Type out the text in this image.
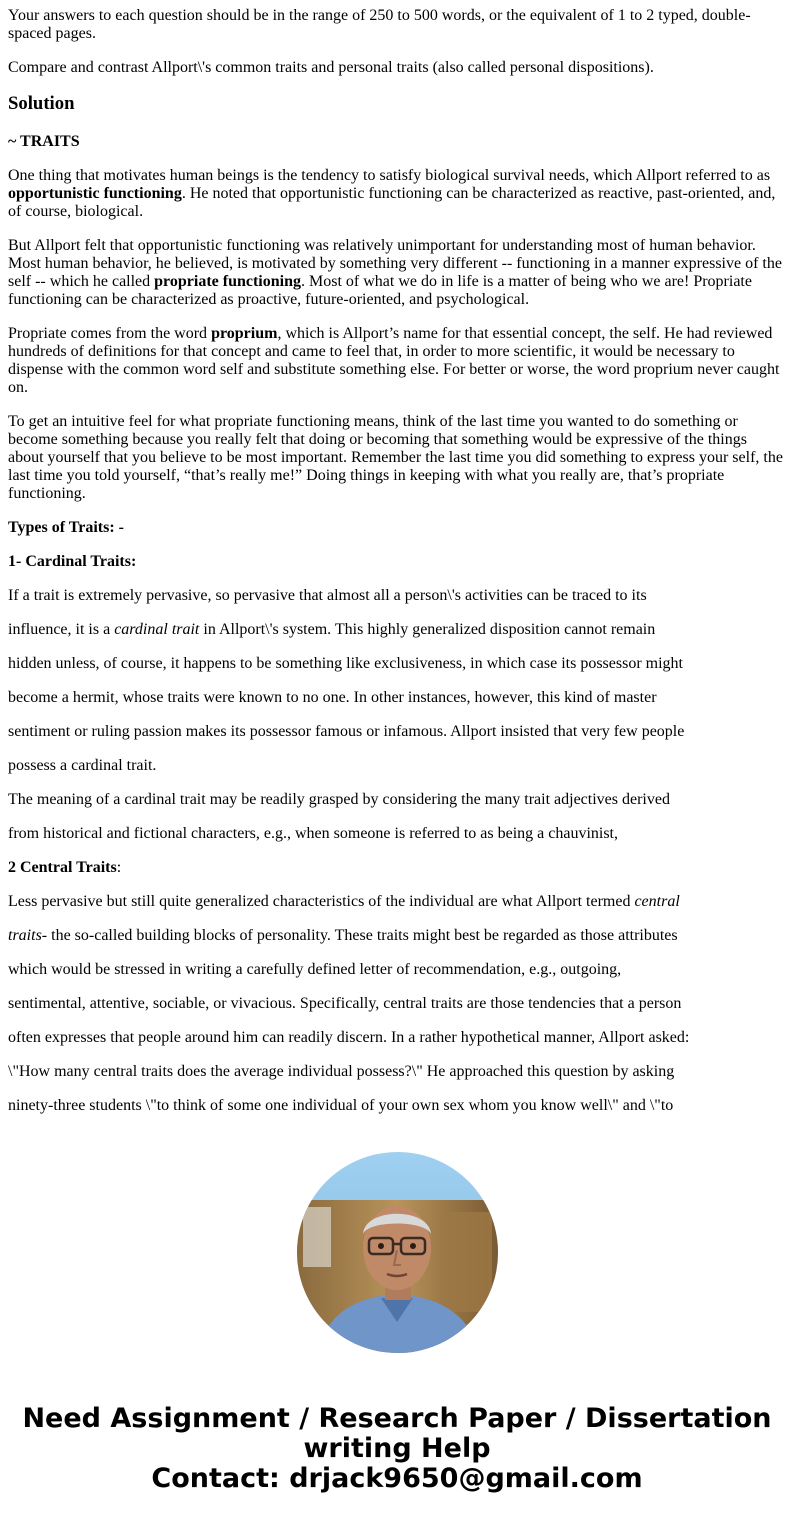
Your answers to each question should be in the range of 250 to 500 words, or the equivalent of 1 to 2 typed, double-spaced pages.

Compare and contrast Allport\'s common traits and personal traits (also called personal dispositions).

Solution

~ TRAITS

One thing that motivates human beings is the tendency to satisfy biological survival needs, which Allport referred to as opportunistic functioning. He noted that opportunistic functioning can be characterized as reactive, past-oriented, and, of course, biological.

But Allport felt that opportunistic functioning was relatively unimportant for understanding most of human behavior. Most human behavior, he believed, is motivated by something very different -- functioning in a manner expressive of the self -- which he called propriate functioning. Most of what we do in life is a matter of being who we are! Propriate functioning can be characterized as proactive, future-oriented, and psychological.

Propriate comes from the word proprium, which is Allport’s name for that essential concept, the self. He had reviewed hundreds of definitions for that concept and came to feel that, in order to more scientific, it would be necessary to dispense with the common word self and substitute something else. For better or worse, the word proprium never caught on.

To get an intuitive feel for what propriate functioning means, think of the last time you wanted to do something or become something because you really felt that doing or becoming that something would be expressive of the things about yourself that you believe to be most important. Remember the last time you did something to express your self, the last time you told yourself, “that’s really me!” Doing things in keeping with what you really are, that’s propriate functioning.

Types of Traits: -

1- Cardinal Traits:

If a trait is extremely pervasive, so pervasive that almost all a person\'s activities can be traced to its

influence, it is a cardinal trait in Allport\'s system. This highly generalized disposition cannot remain

hidden unless, of course, it happens to be something like exclusiveness, in which case its possessor might

become a hermit, whose traits were known to no one. In other instances, however, this kind of master

sentiment or ruling passion makes its possessor famous or infamous. Allport insisted that very few people

possess a cardinal trait.

The meaning of a cardinal trait may be readily grasped by considering the many trait adjectives derived

from historical and fictional characters, e.g., when someone is referred to as being a chauvinist,

2 Central Traits:

Less pervasive but still quite generalized characteristics of the individual are what Allport termed central

traits- the so-called building blocks of personality. These traits might best be regarded as those attributes

which would be stressed in writing a carefully defined letter of recommendation, e.g., outgoing,

sentimental, attentive, sociable, or vivacious. Specifically, central traits are those tendencies that a person

often expresses that people around him can readily discern. In a rather hypothetical manner, Allport asked:

\"How many central traits does the average individual possess?\" He approached this question by asking

ninety-three students \"to think of some one individual of your own sex whom you know well\" and \"to

Need Assignment / Research Paper / Dissertation
writing Help
Contact: drjack9650@gmail.com
